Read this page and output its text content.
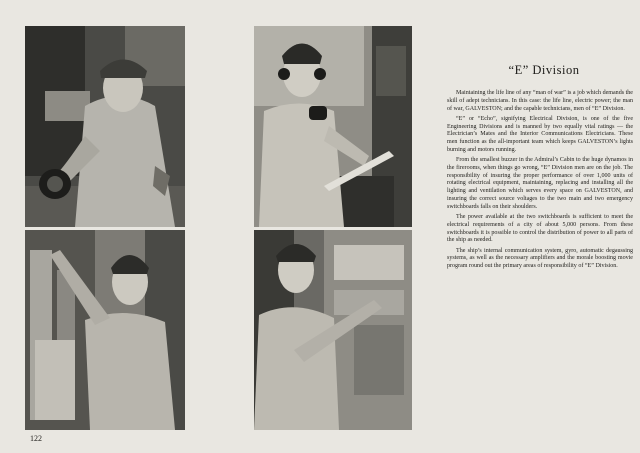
“E” Division

Maintaining the life line of any “man of war” is a job which demands the skill of adept technicians. In this case: the life line, electric power; the man of war, GALVESTON; and the capable technicians, men of “E” Division.

“E” or “Echo”, signifying Electrical Division, is one of the five Engineering Divisions and is manned by two equally vital ratings — the Electrician’s Mates and the Interior Communications Electricians. These men function as the all-important team which keeps GALVESTON’s lights burning and motors running.

From the smallest buzzer in the Admiral’s Cabin to the huge dynamos in the firerooms, when things go wrong, “E” Division men are on the job. The responsibility of insuring the proper performance of over 1,000 units of rotating electrical equipment, maintaining, replacing and installing all the lighting and ventilation which serves every space on GALVESTON, and insuring the correct source voltages to the two main and two emergency switchboards falls on their shoulders.

The power available at the two switchboards is sufficient to meet the electrical requirements of a city of about 5,000 persons. From these switchboards it is possible to control the distribution of power to all parts of the ship as needed.

The ship’s internal communication system, gyro, automatic degaussing systems, as well as the necessary amplifiers and the morale boosting movie program round out the primary areas of responsibility of “E” Division.

122
